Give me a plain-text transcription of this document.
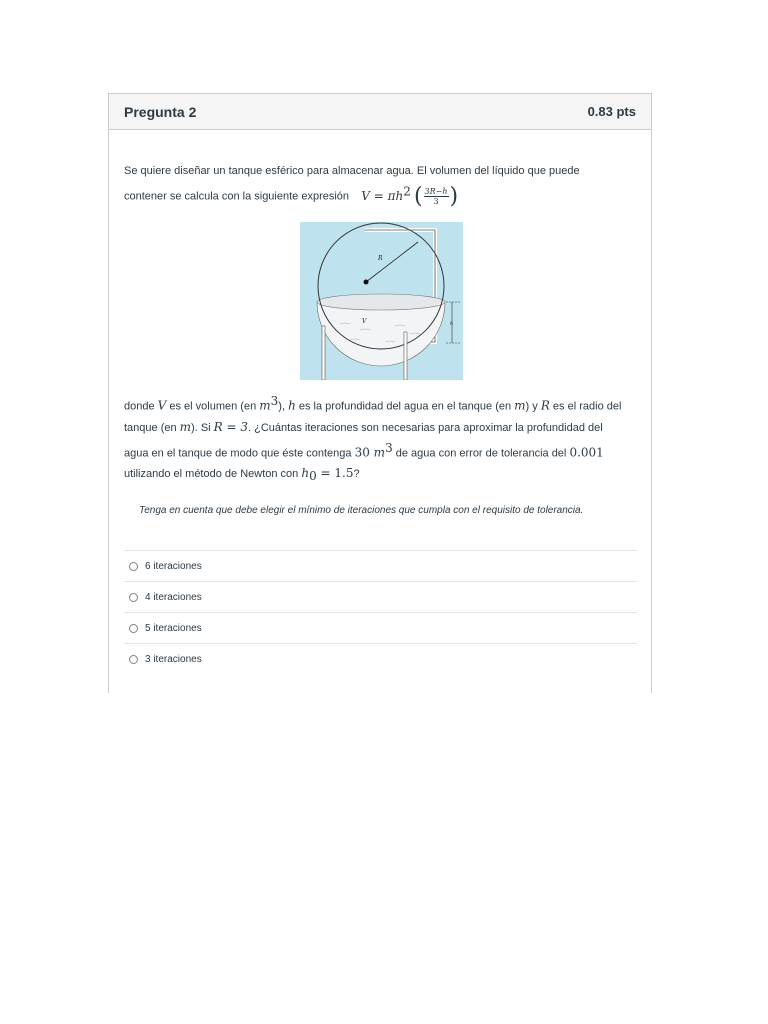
Pregunta 2	0.83 pts
Se quiere diseñar un tanque esférico para almacenar agua. El volumen del líquido que puede
contener se calcula con la siguiente expresión $V = \pi h^2$ ( $\frac{3R-h}{3}$ )
R
V	h
donde V es el volumen (en $m^3$), h es la profundidad del agua en el tanque (en m) y R es el radio del tanque (en m). Si R = 3. ¿Cuántas iteraciones son necesarias para aproximar la profundidad del agua en el tanque de modo que éste contenga 30 $m^3$ de agua con error de tolerancia del 0.001 utilizando el método de Newton con $h_0 = 1.5$?
Tenga en cuenta que debe elegir el mínimo de iteraciones que cumpla con el requisito de tolerancia.
6 iteraciones
4 iteraciones
5 iteraciones
3 iteraciones
